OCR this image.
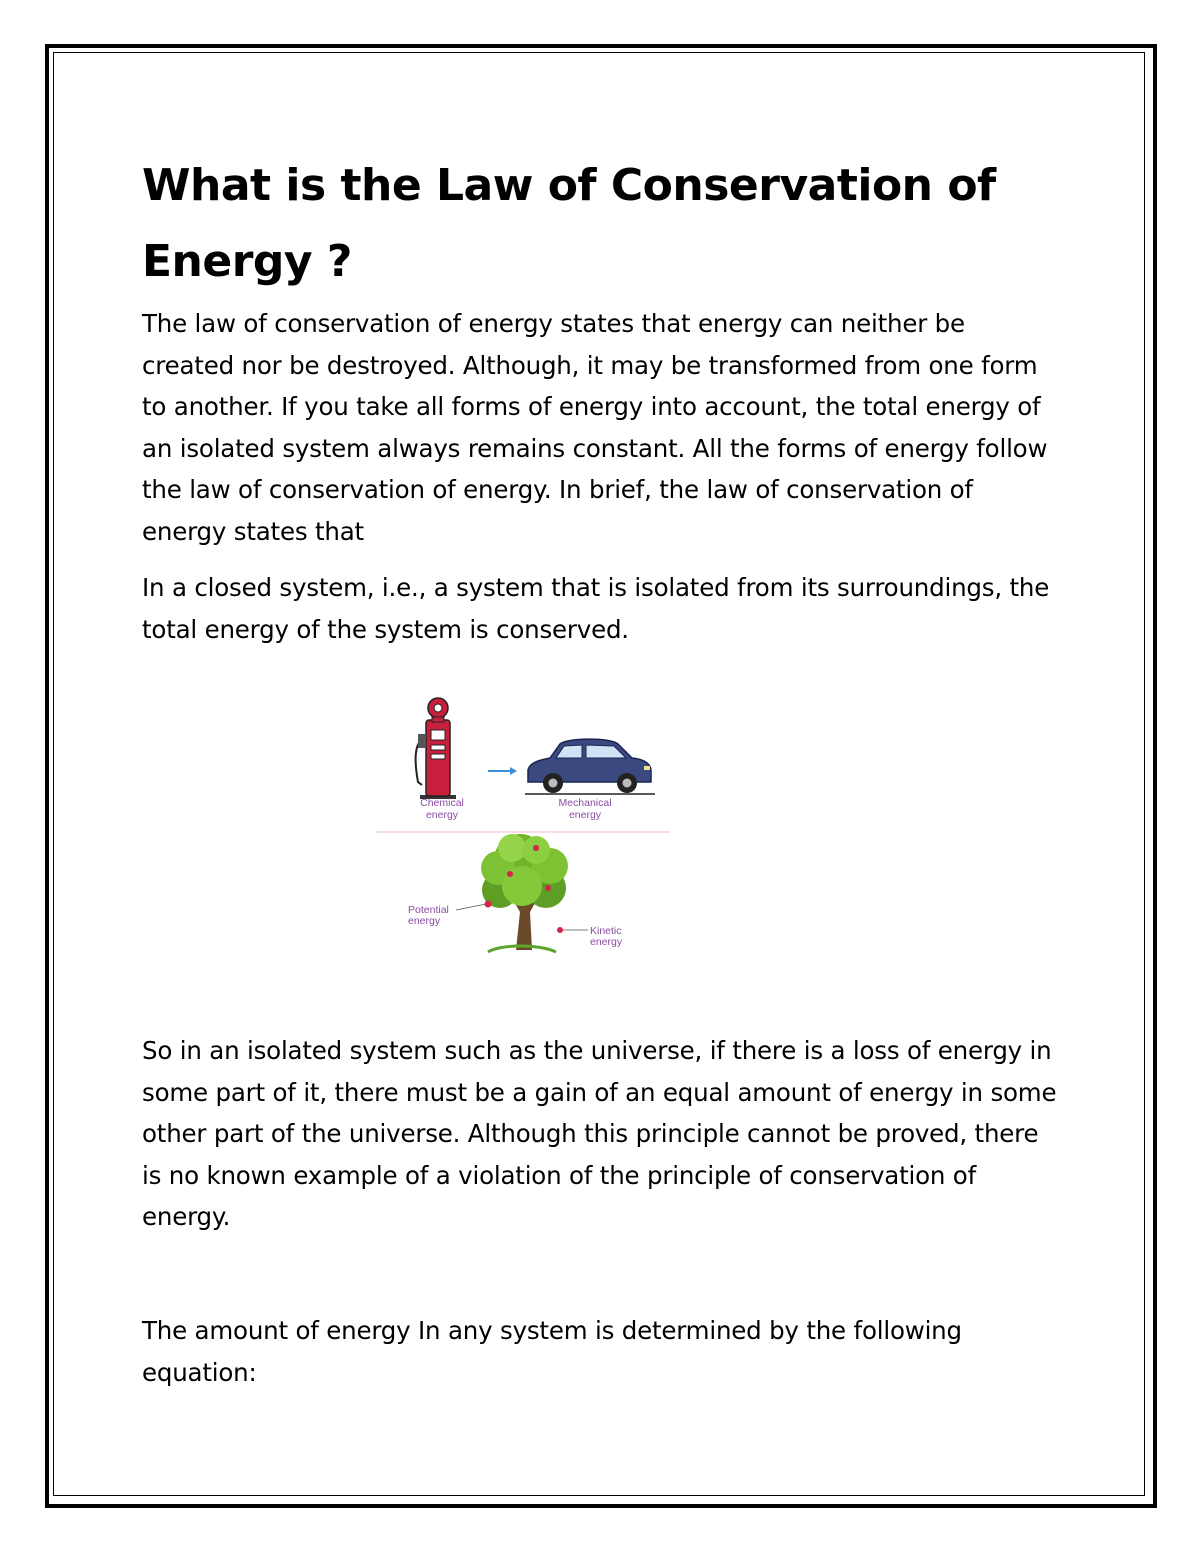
What is the Law of Conservation of Energy ?

The law of conservation of energy states that energy can neither be created nor be destroyed. Although, it may be transformed from one form to another. If you take all forms of energy into account, the total energy of an isolated system always remains constant. All the forms of energy follow the law of conservation of energy. In brief, the law of conservation of energy states that

In a closed system, i.e., a system that is isolated from its surroundings, the total energy of the system is conserved.

Chemical
energy
Mechanical
energy
Potential
energy
Kinetic
energy

So in an isolated system such as the universe, if there is a loss of energy in some part of it, there must be a gain of an equal amount of energy in some other part of the universe. Although this principle cannot be proved, there is no known example of a violation of the principle of conservation of energy.

The amount of energy In any system is determined by the following equation:
